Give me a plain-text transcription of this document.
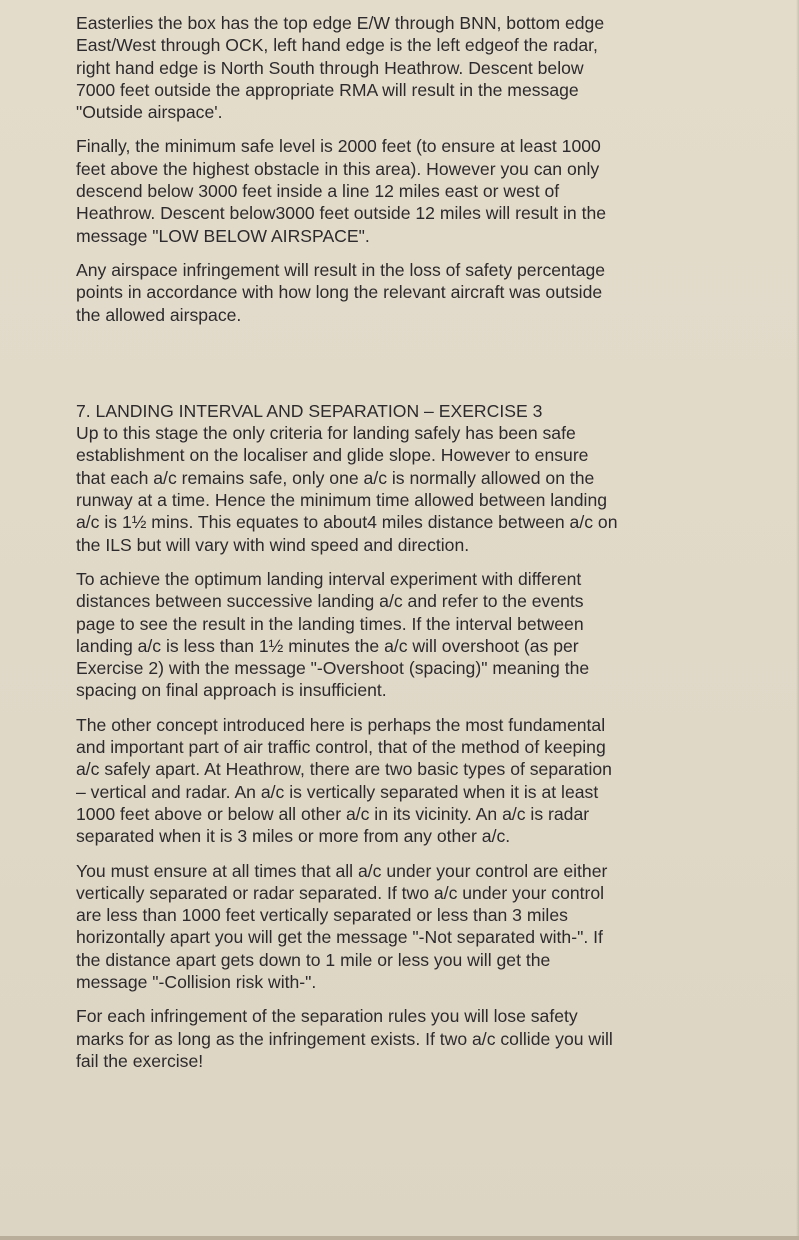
Easterlies the box has the top edge E/W through BNN, bottom edge
East/West through OCK, left hand edge is the left edgeof the radar,
right hand edge is North South through Heathrow. Descent below
7000 feet outside the appropriate RMA will result in the message
"Outside airspace'.

Finally, the minimum safe level is 2000 feet (to ensure at least 1000
feet above the highest obstacle in this area). However you can only
descend below 3000 feet inside a line 12 miles east or west of
Heathrow. Descent below3000 feet outside 12 miles will result in the
message "LOW BELOW AIRSPACE".

Any airspace infringement will result in the loss of safety percentage
points in accordance with how long the relevant aircraft was outside
the allowed airspace.

7. LANDING INTERVAL AND SEPARATION – EXERCISE 3

Up to this stage the only criteria for landing safely has been safe
establishment on the localiser and glide slope. However to ensure
that each a/c remains safe, only one a/c is normally allowed on the
runway at a time. Hence the minimum time allowed between landing
a/c is 1½ mins. This equates to about4 miles distance between a/c on
the ILS but will vary with wind speed and direction.

To achieve the optimum landing interval experiment with different
distances between successive landing a/c and refer to the events
page to see the result in the landing times. If the interval between
landing a/c is less than 1½ minutes the a/c will overshoot (as per
Exercise 2) with the message "-Overshoot (spacing)" meaning the
spacing on final approach is insufficient.

The other concept introduced here is perhaps the most fundamental
and important part of air traffic control, that of the method of keeping
a/c safely apart. At Heathrow, there are two basic types of separation
– vertical and radar. An a/c is vertically separated when it is at least
1000 feet above or below all other a/c in its vicinity. An a/c is radar
separated when it is 3 miles or more from any other a/c.

You must ensure at all times that all a/c under your control are either
vertically separated or radar separated. If two a/c under your control
are less than 1000 feet vertically separated or less than 3 miles
horizontally apart you will get the message "-Not separated with-". If
the distance apart gets down to 1 mile or less you will get the
message "-Collision risk with-".

For each infringement of the separation rules you will lose safety
marks for as long as the infringement exists. If two a/c collide you will
fail the exercise!
